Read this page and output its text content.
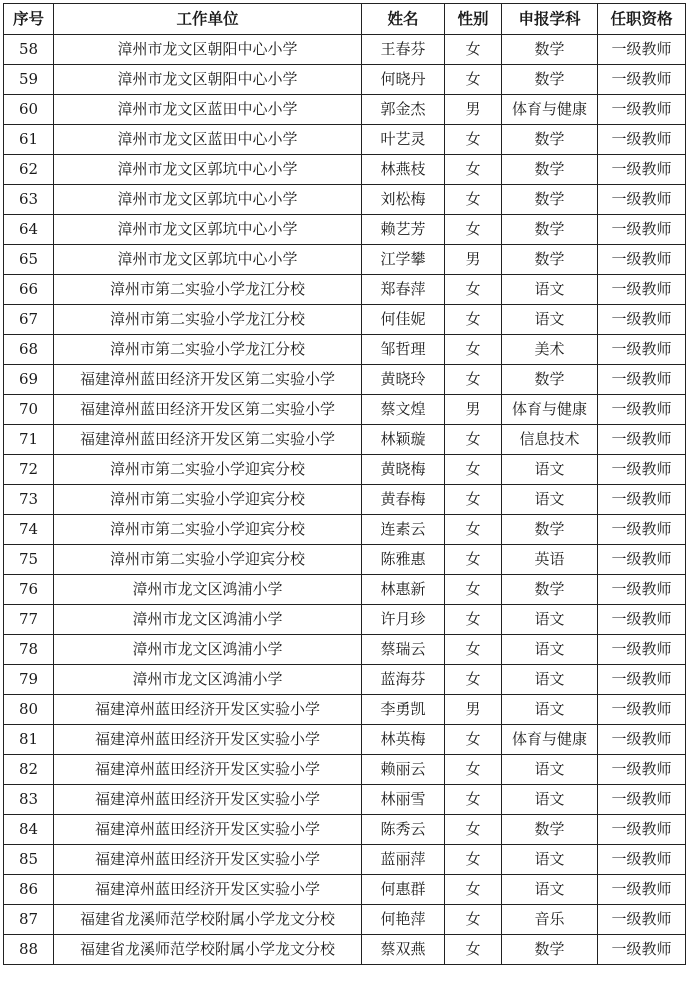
序号	工作单位	姓名	性别	申报学科	任职资格
58	漳州市龙文区朝阳中心小学	王春芬	女	数学	一级教师
59	漳州市龙文区朝阳中心小学	何晓丹	女	数学	一级教师
60	漳州市龙文区蓝田中心小学	郭金杰	男	体育与健康	一级教师
61	漳州市龙文区蓝田中心小学	叶艺灵	女	数学	一级教师
62	漳州市龙文区郭坑中心小学	林燕枝	女	数学	一级教师
63	漳州市龙文区郭坑中心小学	刘松梅	女	数学	一级教师
64	漳州市龙文区郭坑中心小学	赖艺芳	女	数学	一级教师
65	漳州市龙文区郭坑中心小学	江学攀	男	数学	一级教师
66	漳州市第二实验小学龙江分校	郑春萍	女	语文	一级教师
67	漳州市第二实验小学龙江分校	何佳妮	女	语文	一级教师
68	漳州市第二实验小学龙江分校	邹哲理	女	美术	一级教师
69	福建漳州蓝田经济开发区第二实验小学	黄晓玲	女	数学	一级教师
70	福建漳州蓝田经济开发区第二实验小学	蔡文煌	男	体育与健康	一级教师
71	福建漳州蓝田经济开发区第二实验小学	林颖璇	女	信息技术	一级教师
72	漳州市第二实验小学迎宾分校	黄晓梅	女	语文	一级教师
73	漳州市第二实验小学迎宾分校	黄春梅	女	语文	一级教师
74	漳州市第二实验小学迎宾分校	连素云	女	数学	一级教师
75	漳州市第二实验小学迎宾分校	陈雅惠	女	英语	一级教师
76	漳州市龙文区鸿浦小学	林惠新	女	数学	一级教师
77	漳州市龙文区鸿浦小学	许月珍	女	语文	一级教师
78	漳州市龙文区鸿浦小学	蔡瑞云	女	语文	一级教师
79	漳州市龙文区鸿浦小学	蓝海芬	女	语文	一级教师
80	福建漳州蓝田经济开发区实验小学	李勇凯	男	语文	一级教师
81	福建漳州蓝田经济开发区实验小学	林英梅	女	体育与健康	一级教师
82	福建漳州蓝田经济开发区实验小学	赖丽云	女	语文	一级教师
83	福建漳州蓝田经济开发区实验小学	林丽雪	女	语文	一级教师
84	福建漳州蓝田经济开发区实验小学	陈秀云	女	数学	一级教师
85	福建漳州蓝田经济开发区实验小学	蓝丽萍	女	语文	一级教师
86	福建漳州蓝田经济开发区实验小学	何惠群	女	语文	一级教师
87	福建省龙溪师范学校附属小学龙文分校	何艳萍	女	音乐	一级教师
88	福建省龙溪师范学校附属小学龙文分校	蔡双燕	女	数学	一级教师
